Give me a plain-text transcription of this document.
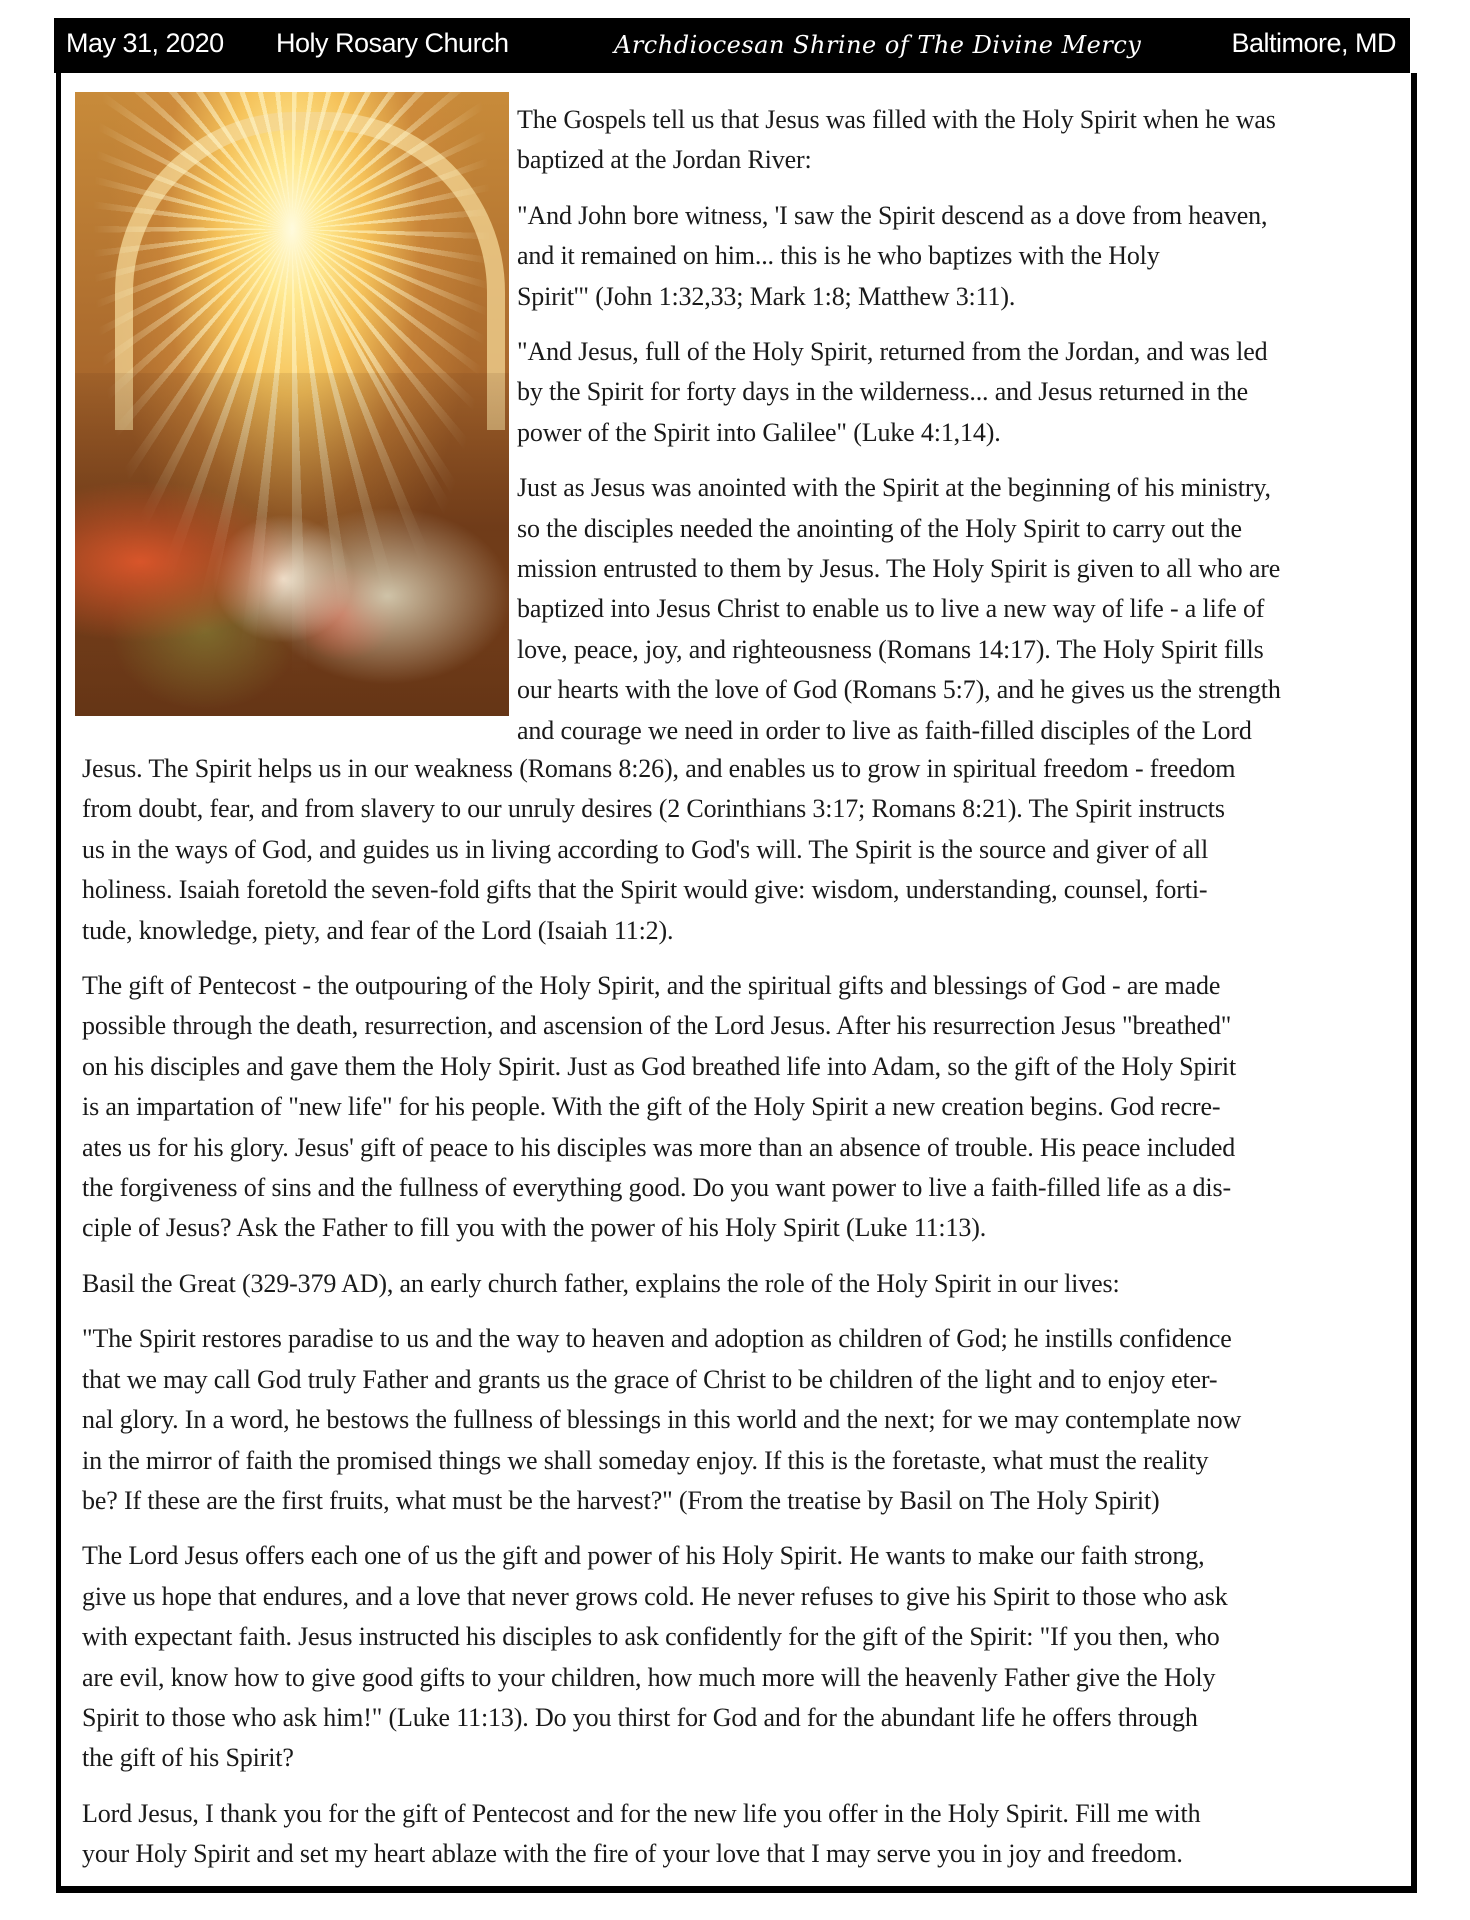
May 31, 2020 Holy Rosary Church	Archdiocesan Shrine of The Divine Mercy	Baltimore, MD

The Gospels tell us that Jesus was filled with the Holy Spirit when he was
baptized at the Jordan River:

"And John bore witness, 'I saw the Spirit descend as a dove from heaven,
and it remained on him... this is he who baptizes with the Holy
Spirit'" (John 1:32,33; Mark 1:8; Matthew 3:11).

"And Jesus, full of the Holy Spirit, returned from the Jordan, and was led
by the Spirit for forty days in the wilderness... and Jesus returned in the
power of the Spirit into Galilee" (Luke 4:1,14).

Just as Jesus was anointed with the Spirit at the beginning of his ministry,
so the disciples needed the anointing of the Holy Spirit to carry out the
mission entrusted to them by Jesus. The Holy Spirit is given to all who are
baptized into Jesus Christ to enable us to live a new way of life - a life of
love, peace, joy, and righteousness (Romans 14:17). The Holy Spirit fills
our hearts with the love of God (Romans 5:7), and he gives us the strength
and courage we need in order to live as faith-filled disciples of the Lord

Jesus. The Spirit helps us in our weakness (Romans 8:26), and enables us to grow in spiritual freedom - freedom
from doubt, fear, and from slavery to our unruly desires (2 Corinthians 3:17; Romans 8:21). The Spirit instructs
us in the ways of God, and guides us in living according to God's will. The Spirit is the source and giver of all
holiness. Isaiah foretold the seven-fold gifts that the Spirit would give: wisdom, understanding, counsel, forti-
tude, knowledge, piety, and fear of the Lord (Isaiah 11:2).

The gift of Pentecost - the outpouring of the Holy Spirit, and the spiritual gifts and blessings of God - are made
possible through the death, resurrection, and ascension of the Lord Jesus. After his resurrection Jesus "breathed"
on his disciples and gave them the Holy Spirit. Just as God breathed life into Adam, so the gift of the Holy Spirit
is an impartation of "new life" for his people. With the gift of the Holy Spirit a new creation begins. God recre-
ates us for his glory. Jesus' gift of peace to his disciples was more than an absence of trouble. His peace included
the forgiveness of sins and the fullness of everything good. Do you want power to live a faith-filled life as a dis-
ciple of Jesus? Ask the Father to fill you with the power of his Holy Spirit (Luke 11:13).

Basil the Great (329-379 AD), an early church father, explains the role of the Holy Spirit in our lives:

"The Spirit restores paradise to us and the way to heaven and adoption as children of God; he instills confidence
that we may call God truly Father and grants us the grace of Christ to be children of the light and to enjoy eter-
nal glory. In a word, he bestows the fullness of blessings in this world and the next; for we may contemplate now
in the mirror of faith the promised things we shall someday enjoy. If this is the foretaste, what must the reality
be? If these are the first fruits, what must be the harvest?" (From the treatise by Basil on The Holy Spirit)

The Lord Jesus offers each one of us the gift and power of his Holy Spirit. He wants to make our faith strong,
give us hope that endures, and a love that never grows cold. He never refuses to give his Spirit to those who ask
with expectant faith. Jesus instructed his disciples to ask confidently for the gift of the Spirit: "If you then, who
are evil, know how to give good gifts to your children, how much more will the heavenly Father give the Holy
Spirit to those who ask him!" (Luke 11:13). Do you thirst for God and for the abundant life he offers through
the gift of his Spirit?

Lord Jesus, I thank you for the gift of Pentecost and for the new life you offer in the Holy Spirit. Fill me with
your Holy Spirit and set my heart ablaze with the fire of your love that I may serve you in joy and freedom.
